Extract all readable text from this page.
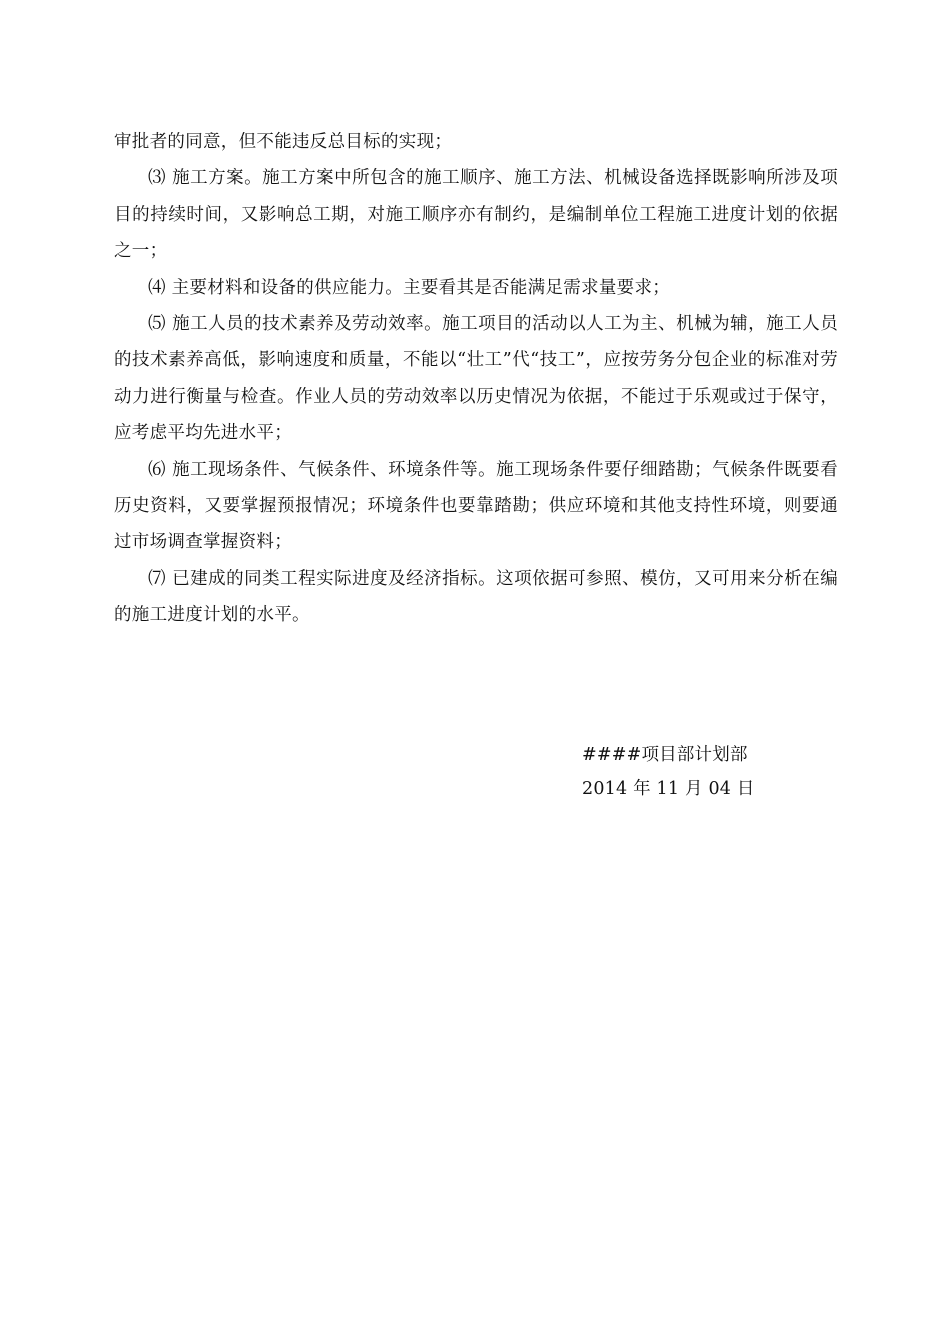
审批者的同意，但不能违反总目标的实现；

⑶ 施工方案。施工方案中所包含的施工顺序、施工方法、机械设备选择既影响所涉及项目的持续时间，又影响总工期，对施工顺序亦有制约，是编制单位工程施工进度计划的依据之一；

⑷ 主要材料和设备的供应能力。主要看其是否能满足需求量要求；

⑸ 施工人员的技术素养及劳动效率。施工项目的活动以人工为主、机械为辅，施工人员的技术素养高低，影响速度和质量，不能以“壮工”代“技工”，应按劳务分包企业的标准对劳动力进行衡量与检查。作业人员的劳动效率以历史情况为依据，不能过于乐观或过于保守，应考虑平均先进水平；

⑹ 施工现场条件、气候条件、环境条件等。施工现场条件要仔细踏勘；气候条件既要看历史资料，又要掌握预报情况；环境条件也要靠踏勘；供应环境和其他支持性环境，则要通过市场调查掌握资料；

⑺ 已建成的同类工程实际进度及经济指标。这项依据可参照、模仿，又可用来分析在编的施工进度计划的水平。

####项目部计划部
2014 年 11 月 04 日
